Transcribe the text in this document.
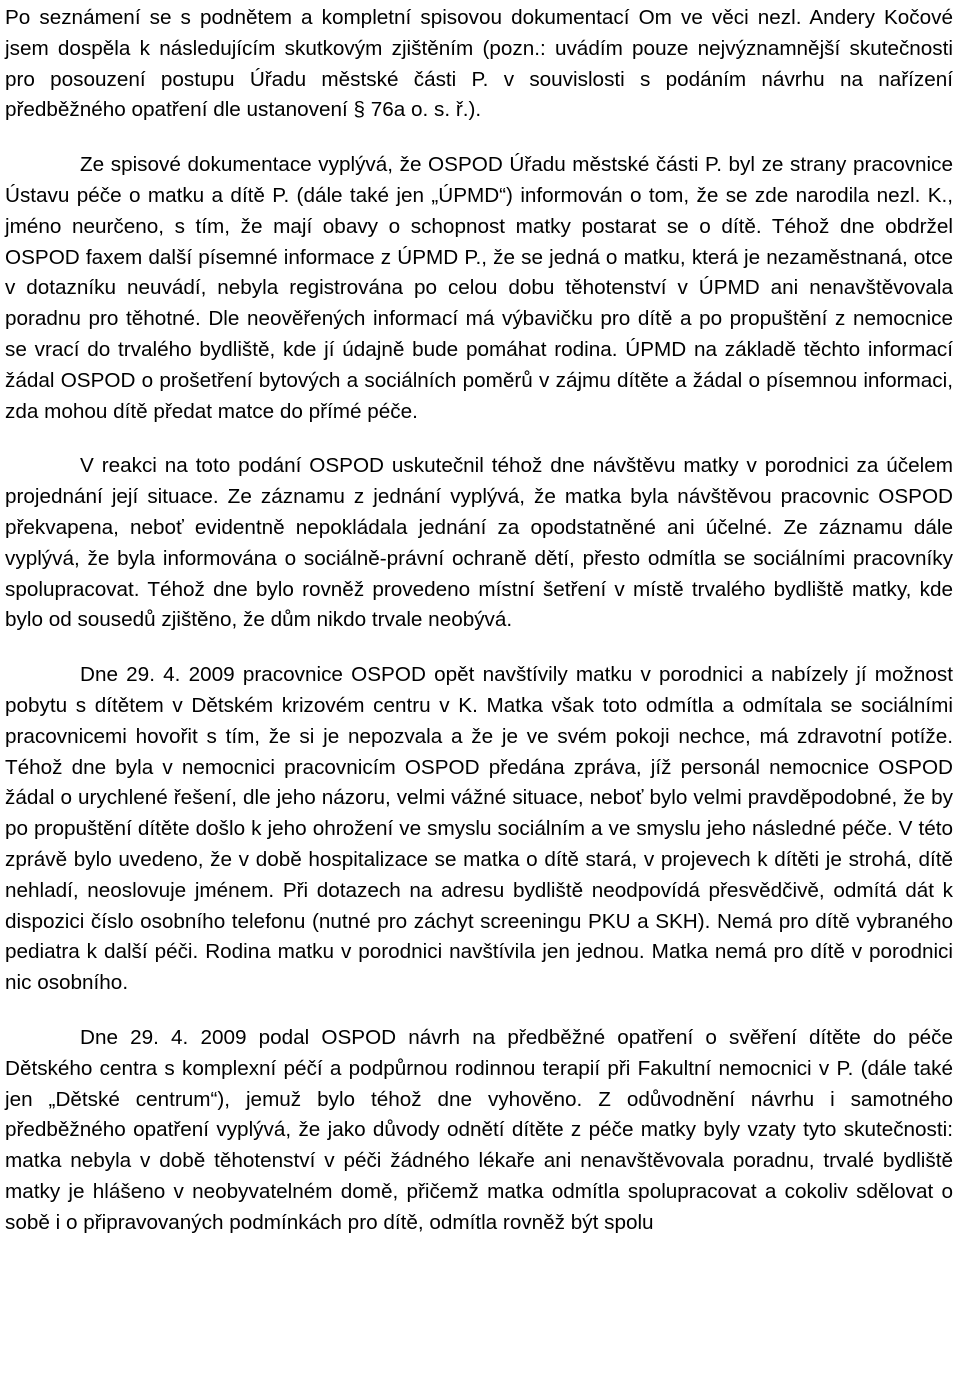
Po seznámení se s podnětem a kompletní spisovou dokumentací Om ve věci nezl. Andery Kočové jsem dospěla k následujícím skutkovým zjištěním (pozn.: uvádím pouze nejvýznamnější skutečnosti pro posouzení postupu Úřadu městské části P. v souvislosti s podáním návrhu na nařízení předběžného opatření dle ustanovení § 76a o. s. ř.).

Ze spisové dokumentace vyplývá, že OSPOD Úřadu městské části P. byl ze strany pracovnice Ústavu péče o matku a dítě P. (dále také jen „ÚPMD“) informován o tom, že se zde narodila nezl. K., jméno neurčeno, s tím, že mají obavy o schopnost matky postarat se o dítě. Téhož dne obdržel OSPOD faxem další písemné informace z ÚPMD P., že se jedná o matku, která je nezaměstnaná, otce v dotazníku neuvádí, nebyla registrována po celou dobu těhotenství v ÚPMD ani nenavštěvovala poradnu pro těhotné. Dle neověřených informací má výbavičku pro dítě a po propuštění z nemocnice se vrací do trvalého bydliště, kde jí údajně bude pomáhat rodina. ÚPMD na základě těchto informací žádal OSPOD o prošetření bytových a sociálních poměrů v zájmu dítěte a žádal o písemnou informaci, zda mohou dítě předat matce do přímé péče.

V reakci na toto podání OSPOD uskutečnil téhož dne návštěvu matky v porodnici za účelem projednání její situace. Ze záznamu z jednání vyplývá, že matka byla návštěvou pracovnic OSPOD překvapena, neboť evidentně nepokládala jednání za opodstatněné ani účelné. Ze záznamu dále vyplývá, že byla informována o sociálně-právní ochraně dětí, přesto odmítla se sociálními pracovníky spolupracovat. Téhož dne bylo rovněž provedeno místní šetření v místě trvalého bydliště matky, kde bylo od sousedů zjištěno, že dům nikdo trvale neobývá.

Dne 29. 4. 2009 pracovnice OSPOD opět navštívily matku v porodnici a nabízely jí možnost pobytu s dítětem v Dětském krizovém centru v K. Matka však toto odmítla a odmítala se sociálními pracovnicemi hovořit s tím, že si je nepozvala a že je ve svém pokoji nechce, má zdravotní potíže. Téhož dne byla v nemocnici pracovnicím OSPOD předána zpráva, jíž personál nemocnice OSPOD žádal o urychlené řešení, dle jeho názoru, velmi vážné situace, neboť bylo velmi pravděpodobné, že by po propuštění dítěte došlo k jeho ohrožení ve smyslu sociálním a ve smyslu jeho následné péče. V této zprávě bylo uvedeno, že v době hospitalizace se matka o dítě stará, v projevech k dítěti je strohá, dítě nehladí, neoslovuje jménem. Při dotazech na adresu bydliště neodpovídá přesvědčivě, odmítá dát k dispozici číslo osobního telefonu (nutné pro záchyt screeningu PKU a SKH). Nemá pro dítě vybraného pediatra k další péči. Rodina matku v porodnici navštívila jen jednou. Matka nemá pro dítě v porodnici nic osobního.

Dne 29. 4. 2009 podal OSPOD návrh na předběžné opatření o svěření dítěte do péče Dětského centra s komplexní péčí a podpůrnou rodinnou terapií při Fakultní nemocnici v P. (dále také jen „Dětské centrum“), jemuž bylo téhož dne vyhověno. Z odůvodnění návrhu i samotného předběžného opatření vyplývá, že jako důvody odnětí dítěte z péče matky byly vzaty tyto skutečnosti: matka nebyla v době těhotenství v péči žádného lékaře ani nenavštěvovala poradnu, trvalé bydliště matky je hlášeno v neobyvatelném domě, přičemž matka odmítla spolupracovat a cokoliv sdělovat o sobě i o připravovaných podmínkách pro dítě, odmítla rovněž být spolu
